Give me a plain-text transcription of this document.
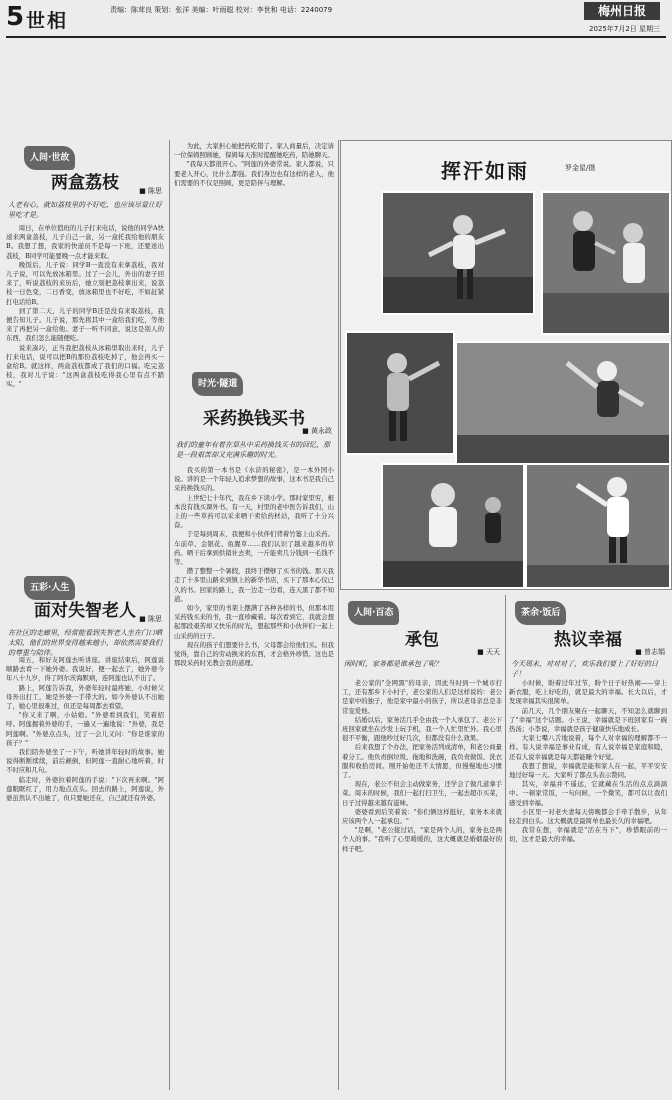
5 世相	责编：陈茸良 策划：张洋 美编：叶雨聪 校对：李世和 电话：2240079	梅州日报
2025年7月2日 星期三
人间·世故
两盒荔枝	■ 陈思
人老有心，就如荔枝里的不好吃，也应该尽量让好里吃才是。

周日，在单位值班的儿子打来电话，说他的同学A快递来两盒荔枝，儿子自己一盒，另一盒托我给他的朋友B。我想了想，我家的快递员不是每一下班，还要送出荔枝，B同学可能要晚一点才能来取。

晚饭后，儿子说：同学B一直没有来拿荔枝，我对儿子说，可以先放冰箱里。过了一会儿，外出的妻子回来了，听说荔枝的来历后，她立刻把荔枝拿出来，说荔枝一日色变，二日香变，放冰箱里也不好吃，不如赶紧打电话给B。

到了第二天，儿子的同学B还是没有来取荔枝，我便告知儿子。儿子说，那先将其中一盒给我们吃，等他来了再把另一盒给他。妻子一听不同意，说这是别人的东西，我们怎么能随便吃。

说来凑巧，正当我把荔枝从冰箱里取出来时，儿子打来电话，说可以把B的那份荔枝吃掉了，他会再买一盒给B。就这样，两盒荔枝都成了我们的口福。吃完荔枝，我对儿子说："这两盒荔枝吃得我心里有点不踏实。"

五彩·人生
面对失智老人 ■ 陈思
在社区的走廊里，经常能看到失智老人坐在门口晒太阳，他们的世界变得越来越小，却依然需要我们的尊重与陪伴。

周五，和好友阿莲去听讲座。讲座结束后，阿莲说顺路去看一下她外婆。我说好，便一起去了，她外婆今年八十九岁，得了阿尔茨海默病，连阿莲也认不出了。

路上，阿莲告诉我，外婆年轻时最疼她，小时候父母外出打工，她是外婆一手带大的。如今外婆认不出她了，她心里很难过，但还是每周都去看望。

"你又来了啊，小姑娘。"外婆看到我们，笑着招呼。阿莲握着外婆的手，一遍又一遍地说："外婆，我是阿莲啊。"外婆点点头，过了一会儿又问："你是谁家的孩子？"

我们陪外婆坐了一下午，听她讲年轻时的故事。她说得断断续续，前后颠倒，但阿莲一直耐心地听着，时不时应和几句。

临走时，外婆拉着阿莲的手说："下次再来啊。"阿莲眼眶红了，用力地点点头。回去的路上，阿莲说，外婆虽然认不出她了，但只要她还在，自己就还有外婆。

为此，大家担心她把药吃错了。家人商量后，决定请一位保姆照顾她，保姆每天准时提醒她吃药，陪她聊天。

"我每天都很开心。"阿莲的外婆常说。家人都说，只要老人开心，比什么都强。我们身边也有这样的老人，他们需要的不仅是照顾，更是陪伴与理解。

时光·隧道
采药换钱买书
■ 黄永政
我们的童年有着在草丛中采药换钱买书的回忆，那是一段艰苦却又充满乐趣的时光。

我买的第一本书是《水浒的秘密》，是一本外国小说。讲的是一个年轻人追求梦想的故事，这本书是我自己采药换钱买的。

上世纪七十年代，我在乡下读小学。那时家里穷，根本没有钱买课外书。有一天，村里的老中医告诉我们，山上的一些草药可以采来晒干卖给药材站，我听了十分兴奋。

于是每到周末，我便和小伙伴们背着竹篓上山采药。车前草、金银花、鱼腥草……我们认识了越来越多的草药。晒干后拿到供销社去卖，一斤能卖几分钱到一毛钱不等。

攒了整整一个暑假，我终于攒够了买书的钱。那天我走了十多里山路来到镇上的新华书店，买下了那本心仪已久的书。回家的路上，我一边走一边看，连天黑了都不知道。

如今，家里的书架上摆满了各种各样的书，但那本用采药钱买来的书，我一直珍藏着。每次看到它，我就会想起那段艰苦却又快乐的时光，想起那些和小伙伴们一起上山采药的日子。

现在的孩子们想要什么书，父母都会给他们买。但我觉得，靠自己的劳动换来的东西，才会格外珍惜。这也是那段采药时光教会我的道理。

挥汗如雨	罗金星/摄
人间·百态
承包
■ 天天
闲时町，家务都是谁承包了呢？

老公家的"全网黑"的母亲，因此当时到一个城市打工，还有那乡下小村子，老公家的人们是这样说的：老公是家中的独子，他是家中最小的孩子，所以老母亲总是非常宠爱他。

结婚以后，家务活几乎全由我一个人承包了。老公下班回家就坐在沙发上玩手机，我一个人忙里忙外。我心里很不平衡，跟他吵过好几次，但都没有什么效果。

后来我想了个办法，把家务活列成清单，和老公商量着分工。他负责倒垃圾、拖地和洗碗，我负责做饭、洗衣服和收拾房间。刚开始他还不太情愿，但慢慢地也习惯了。

现在，老公不但会主动做家务，还学会了做几道拿手菜。周末的时候，我们一起打扫卫生，一起去超市买菜，日子过得越来越有滋味。

婆婆看到后笑着说："你们俩这样挺好，家务本来就应该两个人一起承包。"

"是啊，"老公接过话，"家是两个人的，家务也是两个人的事。"我听了心里暖暖的，这大概就是婚姻最好的样子吧。

茶余·饭后
热议幸福
■ 曾志娟
今天周末，对对对了，欢乐我们要上了好好的日子！

小时候，盼着过年过节，盼个日子好热闹——穿上新衣服，吃上好吃的，就是最大的幸福。长大以后，才发现幸福其实很简单。

前几天，几个朋友聚在一起聊天，不知怎么就聊到了"幸福"这个话题。小王说，幸福就是下班回家有一碗热汤；小李说，幸福就是孩子健康快乐地成长。

大家七嘴八舌地说着，每个人对幸福的理解都不一样。有人说幸福是事业有成，有人说幸福是家庭和睦，还有人说幸福就是每天都能睡个好觉。

我想了想说，幸福就是能和家人在一起，平平安安地过好每一天。大家听了都点头表示赞同。

其实，幸福并不遥远，它就藏在生活的点点滴滴中。一顿家常饭，一句问候，一个微笑，都可以让我们感受到幸福。

小区里一对老夫妻每天傍晚都会手牵手散步，从年轻走到白头。这大概就是最简单也最长久的幸福吧。

我常在想，幸福就是"活在当下"，珍惜眼前的一切，这才是最大的幸福。
